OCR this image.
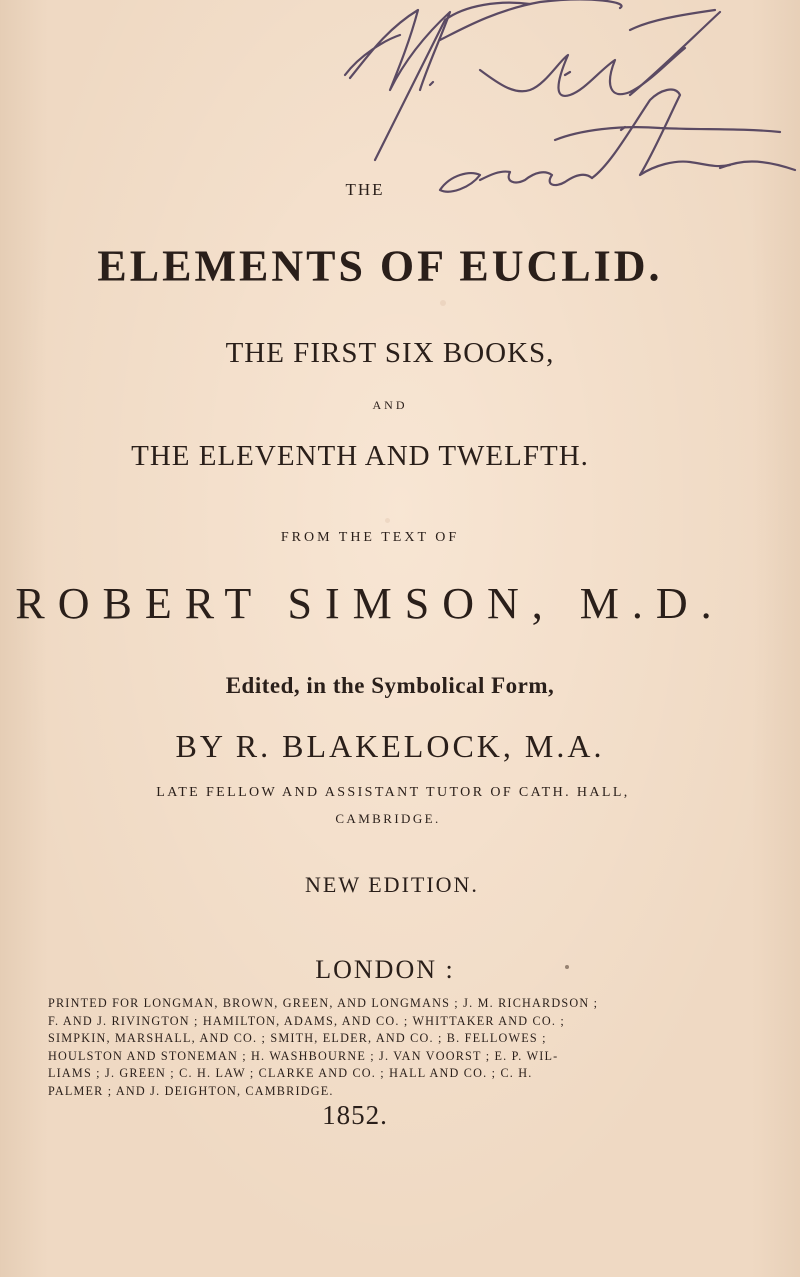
THE
ELEMENTS OF EUCLID.
THE FIRST SIX BOOKS,
AND
THE ELEVENTH AND TWELFTH.
FROM THE TEXT OF
ROBERT SIMSON, M.D.
Edited, in the Symbolical Form,
BY R. BLAKELOCK, M.A.
LATE FELLOW AND ASSISTANT TUTOR OF CATH. HALL,
CAMBRIDGE.
NEW EDITION.
LONDON :
PRINTED FOR LONGMAN, BROWN, GREEN, AND LONGMANS ; J. M. RICHARDSON ;
F. AND J. RIVINGTON ; HAMILTON, ADAMS, AND CO. ; WHITTAKER AND CO. ;
SIMPKIN, MARSHALL, AND CO. ; SMITH, ELDER, AND CO. ; B. FELLOWES ;
HOULSTON AND STONEMAN ; H. WASHBOURNE ; J. VAN VOORST ; E. P. WIL-
LIAMS ; J. GREEN ; C. H. LAW ; CLARKE AND CO. ; HALL AND CO. ; C. H.
PALMER ; AND J. DEIGHTON, CAMBRIDGE.
1852.
